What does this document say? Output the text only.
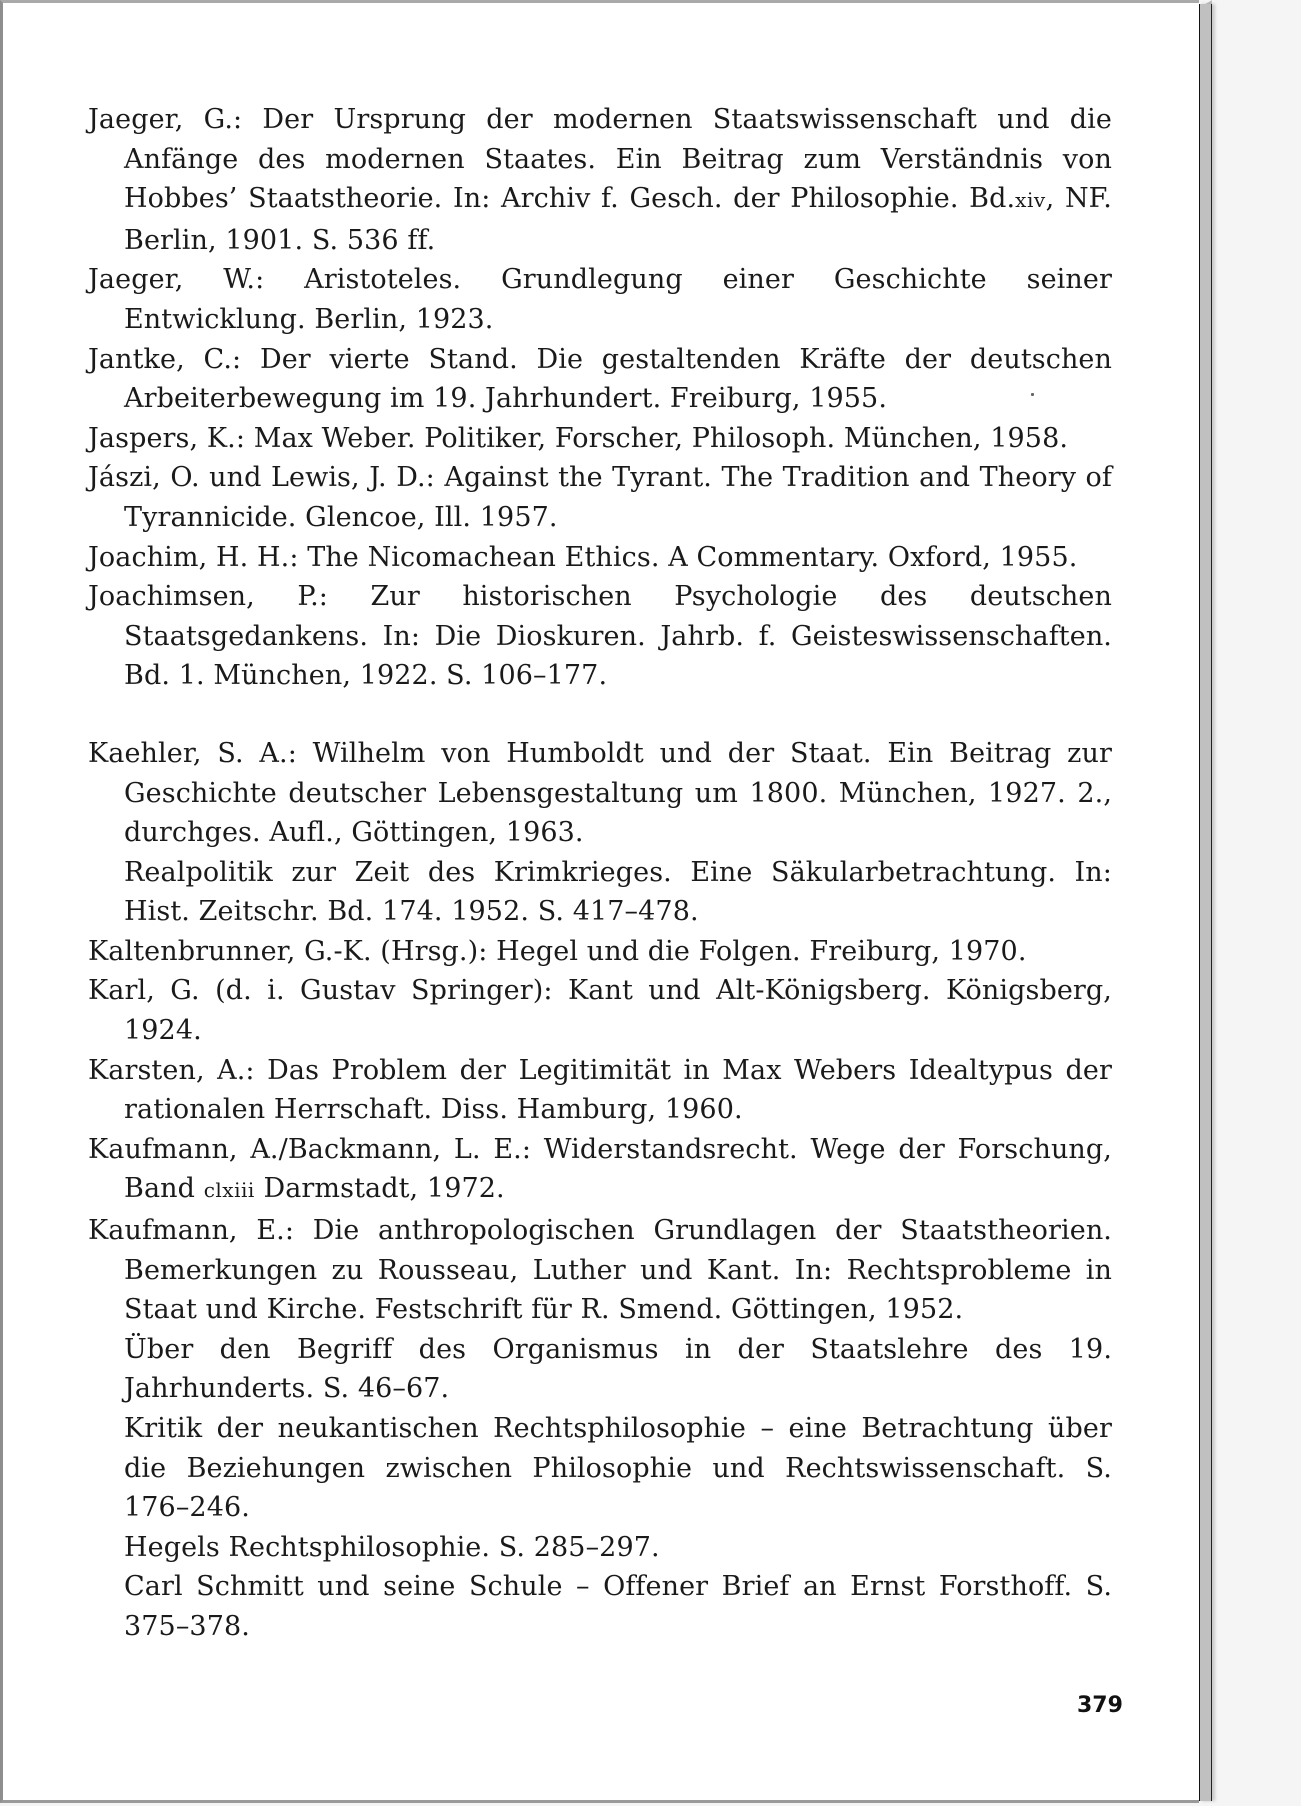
Jaeger, G.: Der Ursprung der modernen Staatswissenschaft und die Anfänge des modernen Staates. Ein Beitrag zum Verständnis von Hobbes’ Staatstheorie. In: Archiv f. Gesch. der Philosophie. Bd.xiv, NF. Berlin, 1901. S. 536 ff.

Jaeger, W.: Aristoteles. Grundlegung einer Geschichte seiner Entwicklung. Berlin, 1923.

Jantke, C.: Der vierte Stand. Die gestaltenden Kräfte der deutschen Arbeiterbewegung im 19. Jahrhundert. Freiburg, 1955.

Jaspers, K.: Max Weber. Politiker, Forscher, Philosoph. München, 1958.

Jászi, O. und Lewis, J. D.: Against the Tyrant. The Tradition and Theory of Tyrannicide. Glencoe, Ill. 1957.

Joachim, H. H.: The Nicomachean Ethics. A Commentary. Oxford, 1955.

Joachimsen, P.: Zur historischen Psychologie des deutschen Staatsgedankens. In: Die Dioskuren. Jahrb. f. Geisteswissenschaften. Bd. 1. München, 1922. S. 106–177.

Kaehler, S. A.: Wilhelm von Humboldt und der Staat. Ein Beitrag zur Geschichte deutscher Lebensgestaltung um 1800. München, 1927. 2., durchges. Aufl., Göttingen, 1963.

Realpolitik zur Zeit des Krimkrieges. Eine Säkularbetrachtung. In: Hist. Zeitschr. Bd. 174. 1952. S. 417–478.

Kaltenbrunner, G.-K. (Hrsg.): Hegel und die Folgen. Freiburg, 1970.

Karl, G. (d. i. Gustav Springer): Kant und Alt-Königsberg. Königsberg, 1924.

Karsten, A.: Das Problem der Legitimität in Max Webers Idealtypus der rationalen Herrschaft. Diss. Hamburg, 1960.

Kaufmann, A./Backmann, L. E.: Widerstandsrecht. Wege der Forschung, Band clxiii Darmstadt, 1972.

Kaufmann, E.: Die anthropologischen Grundlagen der Staatstheorien. Bemerkungen zu Rousseau, Luther und Kant. In: Rechtsprobleme in Staat und Kirche. Festschrift für R. Smend. Göttingen, 1952.

Über den Begriff des Organismus in der Staatslehre des 19. Jahrhunderts. S. 46–67.

Kritik der neukantischen Rechtsphilosophie – eine Betrachtung über die Beziehungen zwischen Philosophie und Rechtswissenschaft. S. 176–246.

Hegels Rechtsphilosophie. S. 285–297.

Carl Schmitt und seine Schule – Offener Brief an Ernst Forsthoff. S. 375–378.

379
